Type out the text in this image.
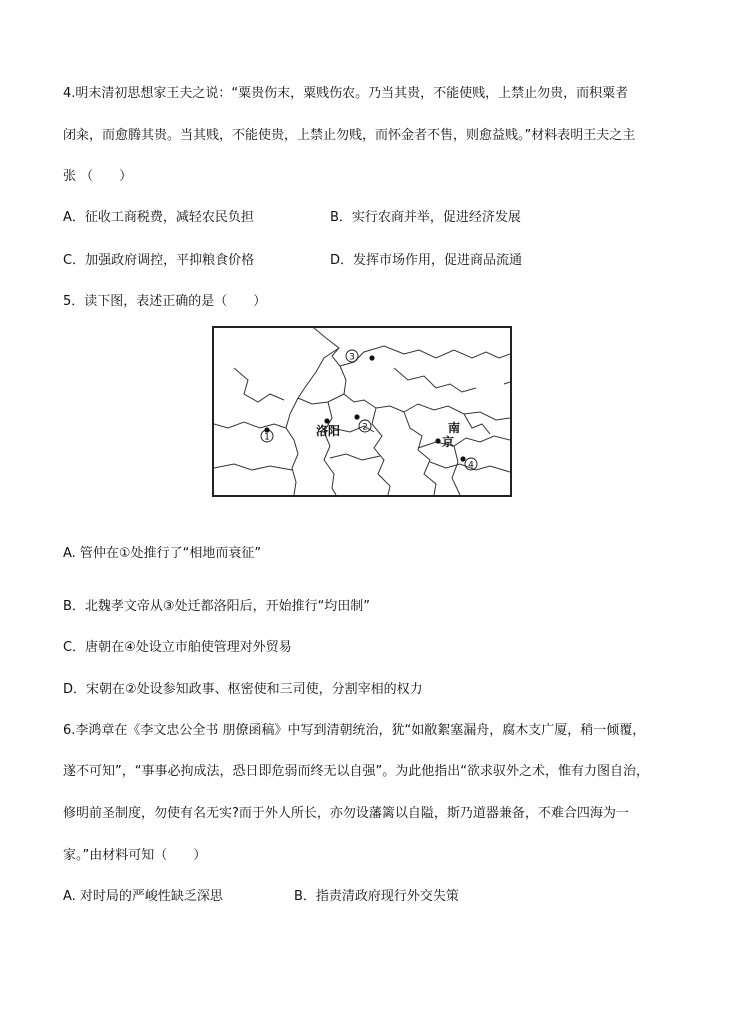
4.明末清初思想家王夫之说：“粟贵伤末，粟贱伤农。乃当其贵，不能使贱，上禁止勿贵，而积粟者
闭籴，而愈腾其贵。当其贱，不能使贵，上禁止勿贱，而怀金者不售，则愈益贱。”材料表明王夫之主
张 （　　）
A．征收工商税费，减轻农民负担	B．实行农商并举，促进经济发展
C．加强政府调控，平抑粮食价格	D．发挥市场作用，促进商品流通
5．读下图，表述正确的是（　　）
3
1	洛阳 2	南
京
4
A. 管仲在①处推行了“相地而衰征”
B．北魏孝文帝从③处迁都洛阳后，开始推行“均田制”
C．唐朝在④处设立市舶使管理对外贸易
D．宋朝在②处设参知政事、枢密使和三司使，分割宰相的权力
6.李鸿章在《李文忠公全书 朋僚函稿》中写到清朝统治，犹“如敝絮塞漏舟，腐木支广厦，稍一倾覆，
遂不可知”，“事事必拘成法，恐日即危弱而终无以自强”。为此他指出“欲求驭外之术，惟有力图自治，
修明前圣制度，勿使有名无实?而于外人所长，亦勿设藩篱以自隘，斯乃道器兼备，不难合四海为一
家。”由材料可知（　　）
A. 对时局的严峻性缺乏深思	B．指责清政府现行外交失策
